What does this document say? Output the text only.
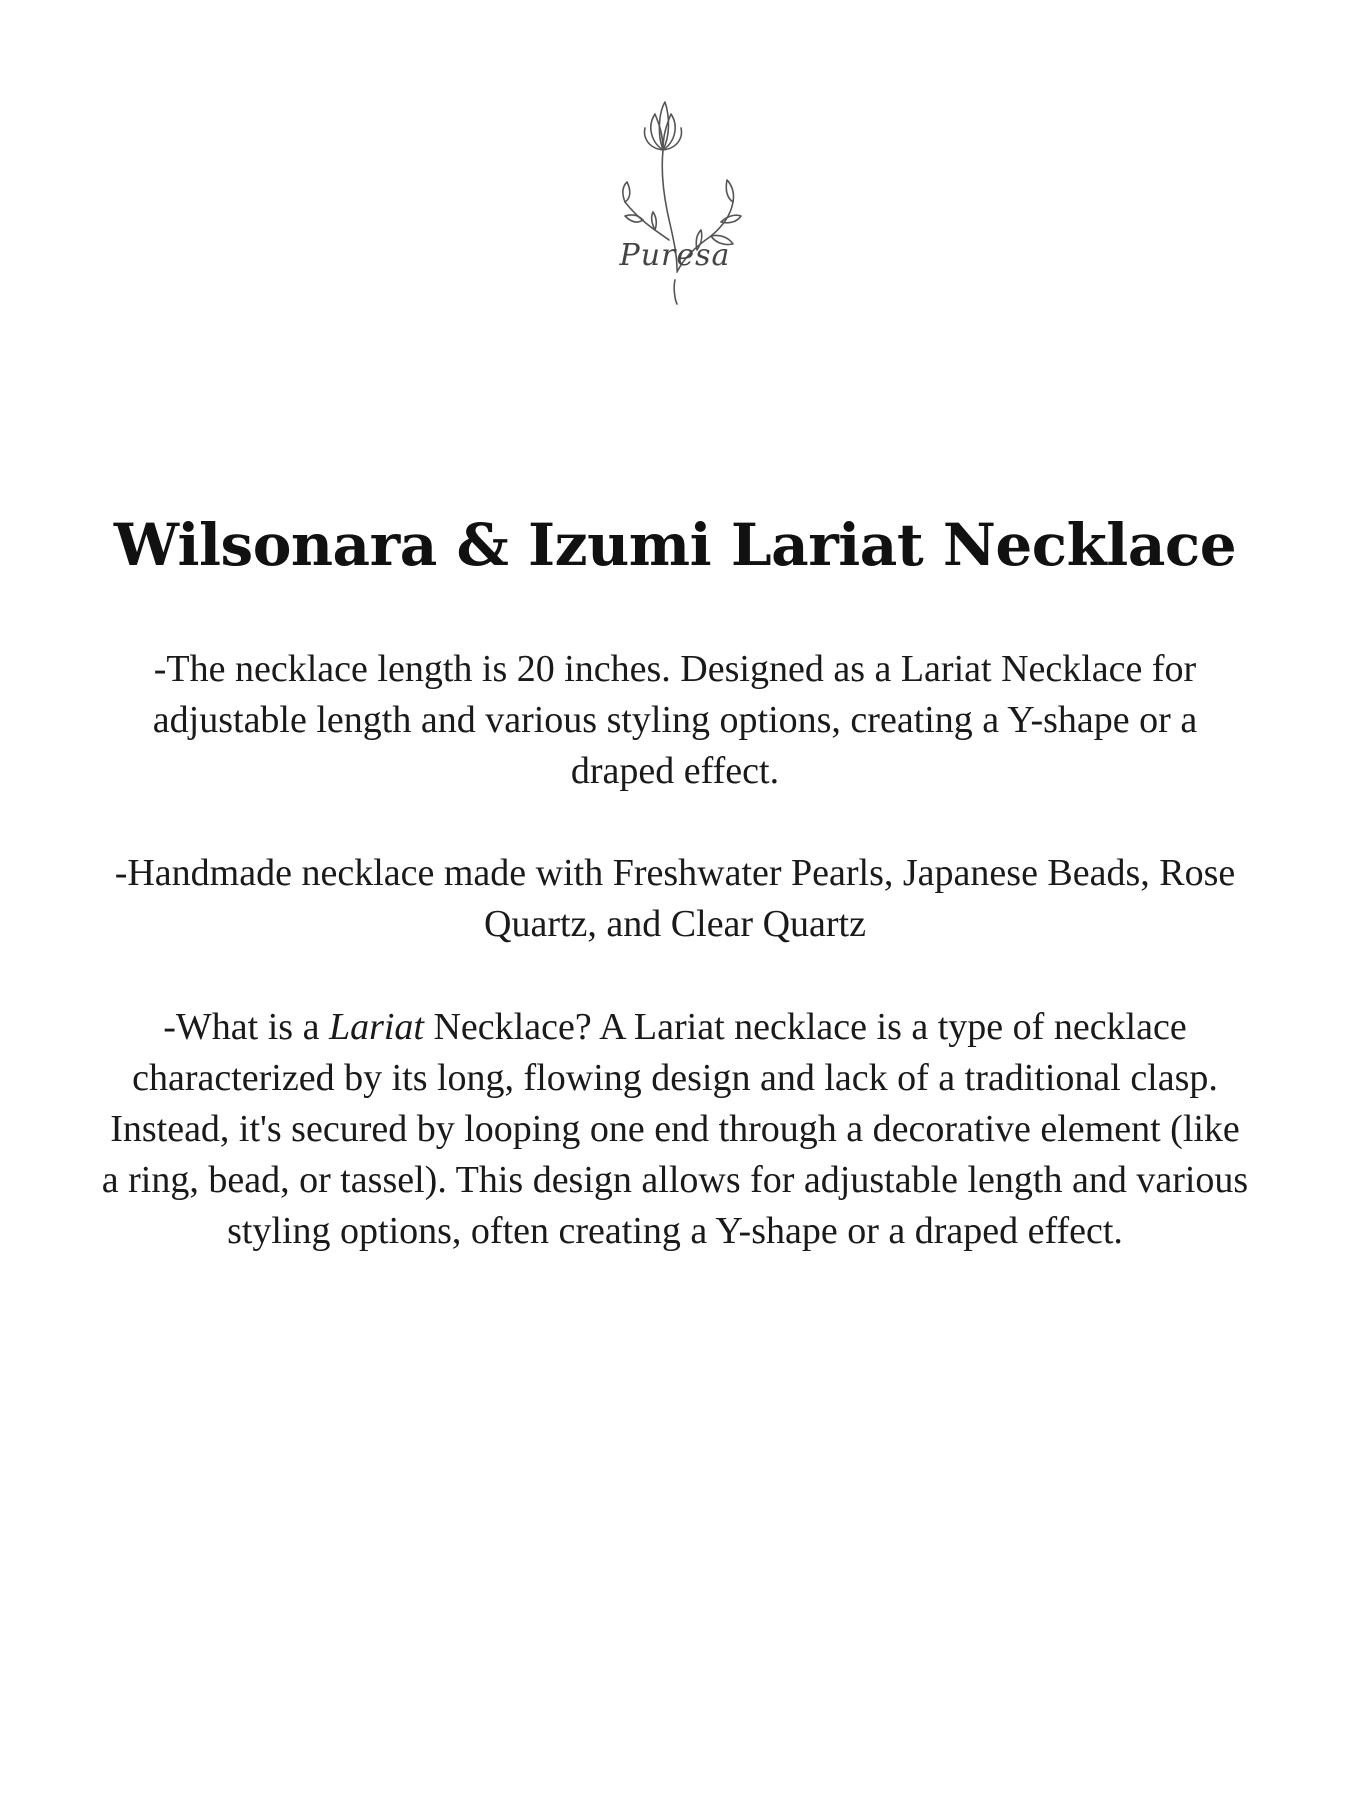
Puresa
Wilsonara & Izumi Lariat Necklace

-The necklace length is 20 inches. Designed as a Lariat Necklace for adjustable length and various styling options, creating a Y-shape or a draped effect.

-Handmade necklace made with Freshwater Pearls, Japanese Beads, Rose Quartz, and Clear Quartz

-What is a Lariat Necklace? A Lariat necklace is a type of necklace characterized by its long, flowing design and lack of a traditional clasp. Instead, it's secured by looping one end through a decorative element (like a ring, bead, or tassel). This design allows for adjustable length and various styling options, often creating a Y-shape or a draped effect.
